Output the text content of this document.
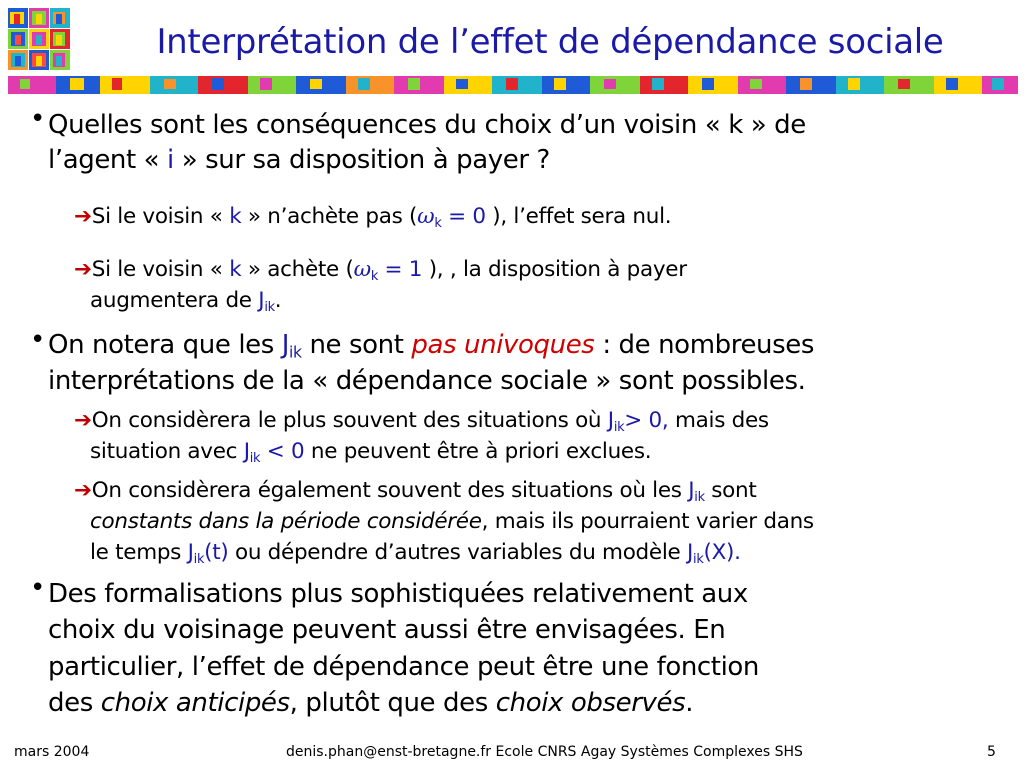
Interprétation de l’effet de dépendance sociale
• Quelles sont les conséquences du choix d’un voisin « k » de
l’agent « i » sur sa disposition à payer ?
➔Si le voisin « k » n’achète pas ($\omega_k = 0$ ), l’effet sera nul.
➔Si le voisin « k » achète ($\omega_k = 1$ ), , la disposition à payer
augmentera de $J_{ik}$.
• On notera que les $J_{ik}$ ne sont pas univoques : de nombreuses
interprétations de la « dépendance sociale » sont possibles.
➔On considèrera le plus souvent des situations où $J_{ik}> 0$, mais des
situation avec $J_{ik} < 0$ ne peuvent être à priori exclues.
➔On considèrera également souvent des situations où les $J_{ik}$ sont
constants dans la période considérée, mais ils pourraient varier dans
le temps $J_{ik}(t)$ ou dépendre d’autres variables du modèle $J_{ik}(X)$.
• Des formalisations plus sophistiquées relativement aux
choix du voisinage peuvent aussi être envisagées. En
particulier, l’effet de dépendance peut être une fonction
des choix anticipés, plutôt que des choix observés.
mars 2004	denis.phan@enst-bretagne.fr Ecole CNRS Agay Systèmes Complexes SHS	5
